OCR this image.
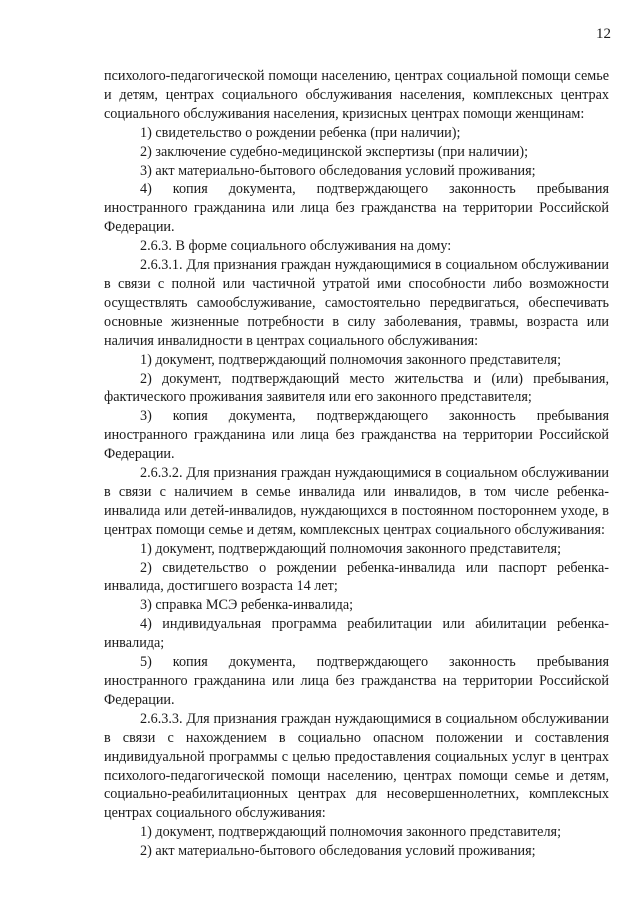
12

психолого-педагогической помощи населению, центрах социальной помощи семье и детям, центрах социального обслуживания населения, комплексных центрах социального обслуживания населения, кризисных центрах помощи женщинам:

1) свидетельство о рождении ребенка (при наличии);

2) заключение судебно-медицинской экспертизы (при наличии);

3) акт материально-бытового обследования условий проживания;

4) копия документа, подтверждающего законность пребывания иностранного гражданина или лица без гражданства на территории Российской Федерации.

2.6.3. В форме социального обслуживания на дому:

2.6.3.1. Для признания граждан нуждающимися в социальном обслуживании в связи с полной или частичной утратой ими способности либо возможности осуществлять самообслуживание, самостоятельно передвигаться, обеспечивать основные жизненные потребности в силу заболевания, травмы, возраста или наличия инвалидности в центрах социального обслуживания:

1) документ, подтверждающий полномочия законного представителя;

2) документ, подтверждающий место жительства и (или) пребывания, фактического проживания заявителя или его законного представителя;

3) копия документа, подтверждающего законность пребывания иностранного гражданина или лица без гражданства на территории Российской Федерации.

2.6.3.2. Для признания граждан нуждающимися в социальном обслуживании в связи с наличием в семье инвалида или инвалидов, в том числе ребенка-инвалида или детей-инвалидов, нуждающихся в постоянном постороннем уходе, в центрах помощи семье и детям, комплексных центрах социального обслуживания:

1) документ, подтверждающий полномочия законного представителя;

2) свидетельство о рождении ребенка-инвалида или паспорт ребенка-инвалида, достигшего возраста 14 лет;

3) справка МСЭ ребенка-инвалида;

4) индивидуальная программа реабилитации или абилитации ребенка-инвалида;

5) копия документа, подтверждающего законность пребывания иностранного гражданина или лица без гражданства на территории Российской Федерации.

2.6.3.3. Для признания граждан нуждающимися в социальном обслуживании в связи с нахождением в социально опасном положении и составления индивидуальной программы с целью предоставления социальных услуг в центрах психолого-педагогической помощи населению, центрах помощи семье и детям, социально-реабилитационных центрах для несовершеннолетних, комплексных центрах социального обслуживания:

1) документ, подтверждающий полномочия законного представителя;

2) акт материально-бытового обследования условий проживания;
